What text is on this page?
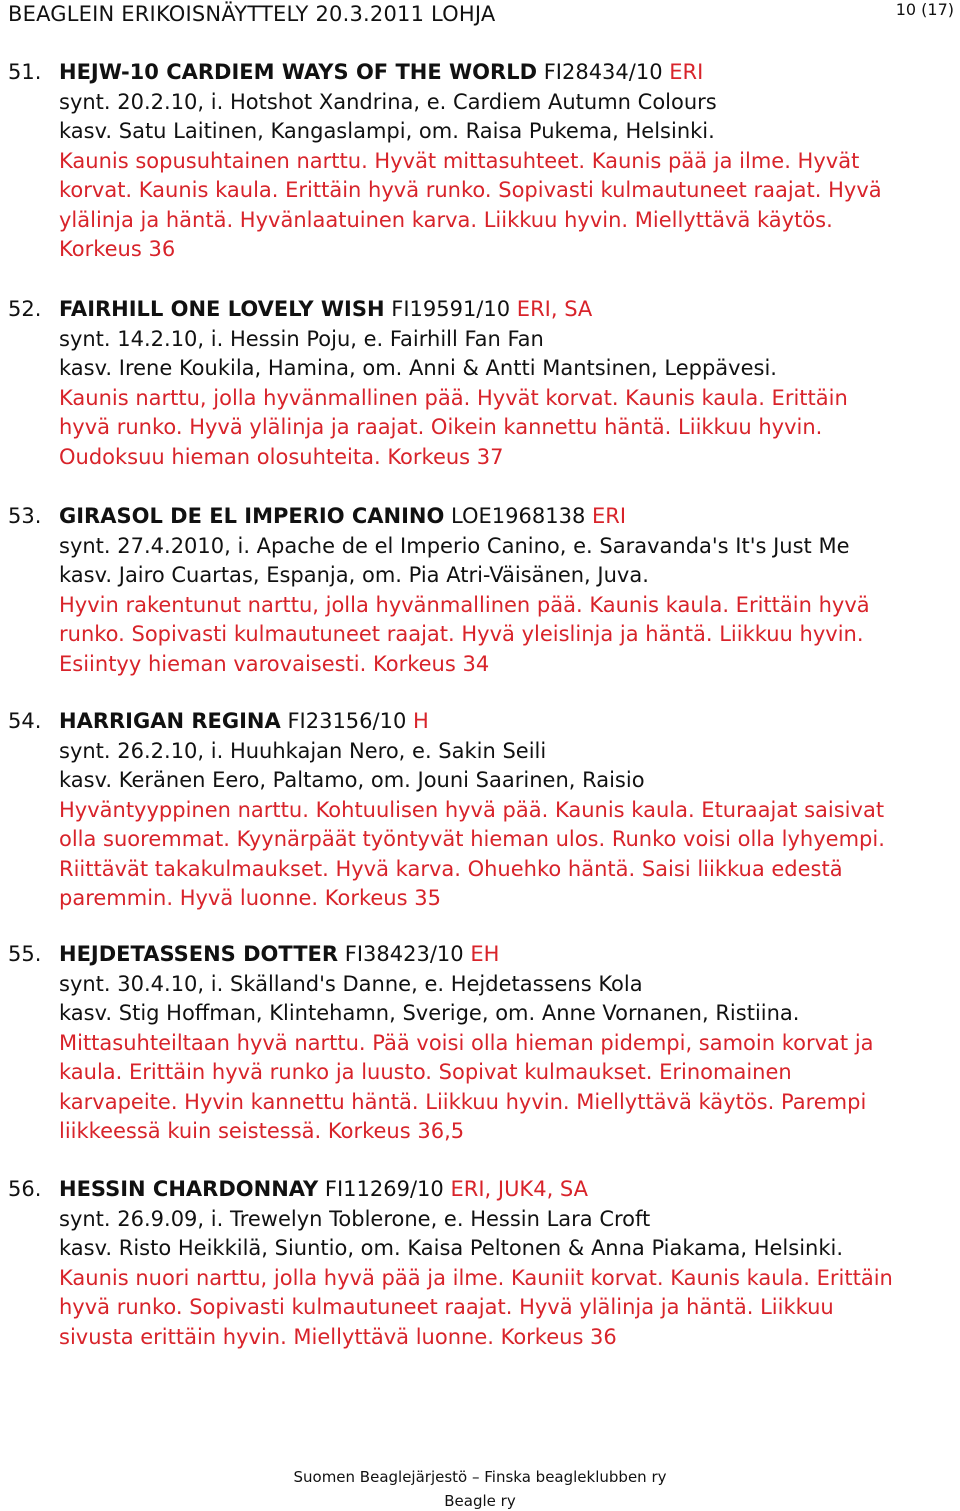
BEAGLEIN ERIKOISNÄYTTELY 20.3.2011 LOHJA	10 (17)
51. HEJW-10 CARDIEM WAYS OF THE WORLD FI28434/10 ERI
synt. 20.2.10, i. Hotshot Xandrina, e. Cardiem Autumn Colours
kasv. Satu Laitinen, Kangaslampi, om. Raisa Pukema, Helsinki.
Kaunis sopusuhtainen narttu. Hyvät mittasuhteet. Kaunis pää ja ilme. Hyvät
korvat. Kaunis kaula. Erittäin hyvä runko. Sopivasti kulmautuneet raajat. Hyvä
ylälinja ja häntä. Hyvänlaatuinen karva. Liikkuu hyvin. Miellyttävä käytös.
Korkeus 36
52. FAIRHILL ONE LOVELY WISH FI19591/10 ERI, SA
synt. 14.2.10, i. Hessin Poju, e. Fairhill Fan Fan
kasv. Irene Koukila, Hamina, om. Anni & Antti Mantsinen, Leppävesi.
Kaunis narttu, jolla hyvänmallinen pää. Hyvät korvat. Kaunis kaula. Erittäin
hyvä runko. Hyvä ylälinja ja raajat. Oikein kannettu häntä. Liikkuu hyvin.
Oudoksuu hieman olosuhteita. Korkeus 37
53. GIRASOL DE EL IMPERIO CANINO LOE1968138 ERI
synt. 27.4.2010, i. Apache de el Imperio Canino, e. Saravanda's It's Just Me
kasv. Jairo Cuartas, Espanja, om. Pia Atri-Väisänen, Juva.
Hyvin rakentunut narttu, jolla hyvänmallinen pää. Kaunis kaula. Erittäin hyvä
runko. Sopivasti kulmautuneet raajat. Hyvä yleislinja ja häntä. Liikkuu hyvin.
Esiintyy hieman varovaisesti. Korkeus 34
54. HARRIGAN REGINA FI23156/10 H
synt. 26.2.10, i. Huuhkajan Nero, e. Sakin Seili
kasv. Keränen Eero, Paltamo, om. Jouni Saarinen, Raisio
Hyväntyyppinen narttu. Kohtuulisen hyvä pää. Kaunis kaula. Eturaajat saisivat
olla suoremmat. Kyynärpäät työntyvät hieman ulos. Runko voisi olla lyhyempi.
Riittävät takakulmaukset. Hyvä karva. Ohuehko häntä. Saisi liikkua edestä
paremmin. Hyvä luonne. Korkeus 35
55. HEJDETASSENS DOTTER FI38423/10 EH
synt. 30.4.10, i. Skälland's Danne, e. Hejdetassens Kola
kasv. Stig Hoffman, Klintehamn, Sverige, om. Anne Vornanen, Ristiina.
Mittasuhteiltaan hyvä narttu. Pää voisi olla hieman pidempi, samoin korvat ja
kaula. Erittäin hyvä runko ja luusto. Sopivat kulmaukset. Erinomainen
karvapeite. Hyvin kannettu häntä. Liikkuu hyvin. Miellyttävä käytös. Parempi
liikkeessä kuin seistessä. Korkeus 36,5
56. HESSIN CHARDONNAY FI11269/10 ERI, JUK4, SA
synt. 26.9.09, i. Trewelyn Toblerone, e. Hessin Lara Croft
kasv. Risto Heikkilä, Siuntio, om. Kaisa Peltonen & Anna Piakama, Helsinki.
Kaunis nuori narttu, jolla hyvä pää ja ilme. Kauniit korvat. Kaunis kaula. Erittäin
hyvä runko. Sopivasti kulmautuneet raajat. Hyvä ylälinja ja häntä. Liikkuu
sivusta erittäin hyvin. Miellyttävä luonne. Korkeus 36
Suomen Beaglejärjestö – Finska beagleklubben ry
Beagle ry
